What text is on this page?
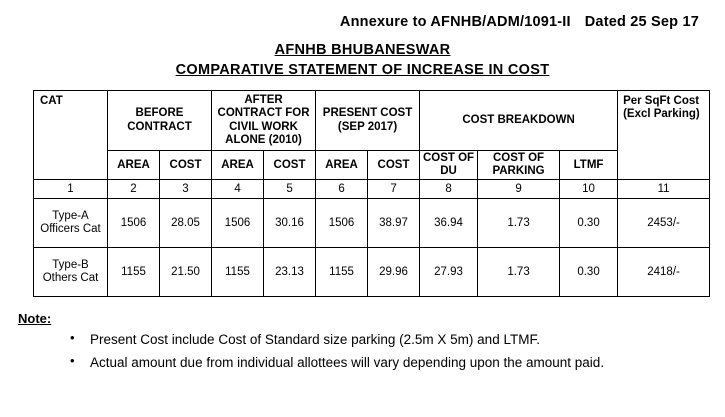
Annexure to AFNHB/ADM/1091-II Dated 25 Sep 17
AFNHB BHUBANESWAR
COMPARATIVE STATEMENT OF INCREASE IN COST
CAT	BEFORE CONTRACT		AFTER CONTRACT FOR CIVIL WORK ALONE (2010)		PRESENT COST (SEP 2017)		COST BREAKDOWN			Per SqFt Cost (Excl Parking)
	AREA	COST	AREA	COST	AREA	COST	COST OF DU	COST OF PARKING	LTMF	
1	2	3	4	5	6	7	8	9	10	11
Type-A Officers Cat	1506	28.05	1506	30.16	1506	38.97	36.94	1.73	0.30	2453/-
Type-B Others Cat	1155	21.50	1155	23.13	1155	29.96	27.93	1.73	0.30	2418/-
Note:
• Present Cost include Cost of Standard size parking (2.5m X 5m) and LTMF.
• Actual amount due from individual allottees will vary depending upon the amount paid.
